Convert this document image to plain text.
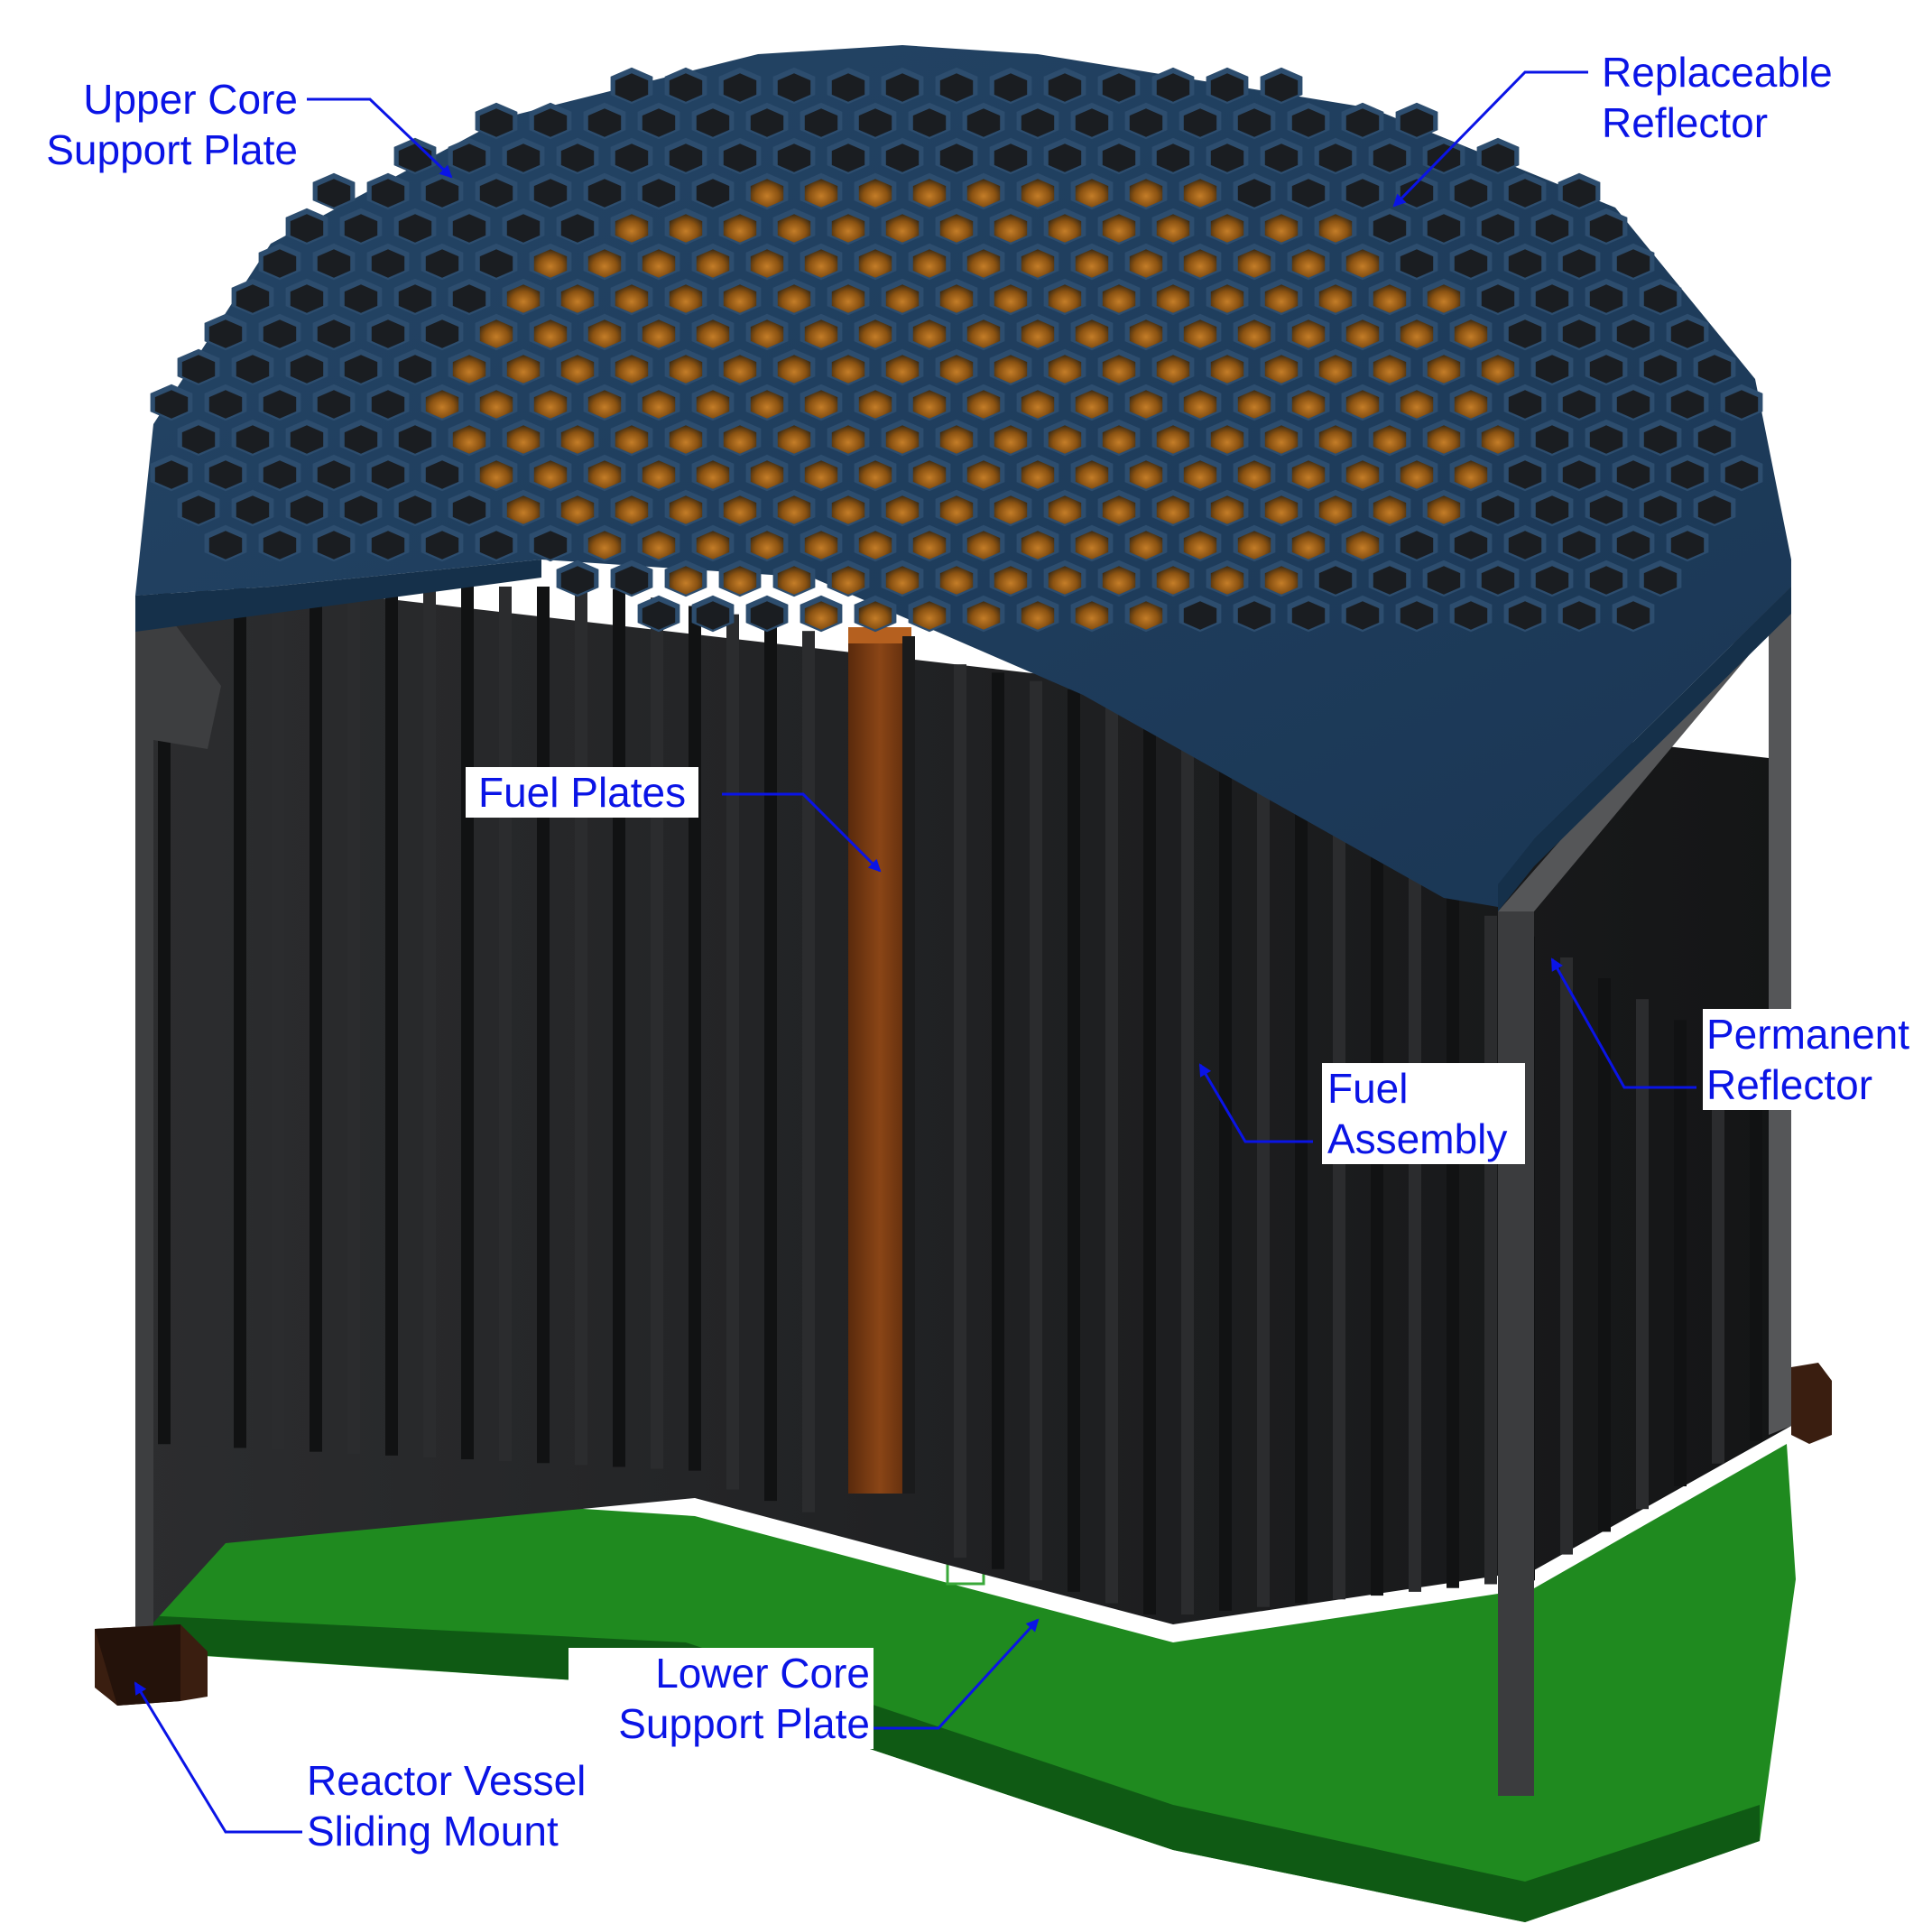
Upper Core
Support Plate
Replaceable
Reflector
Fuel Plates
Permanent
Reflector
Fuel
Assembly
Lower Core
Support Plate
Reactor Vessel
Sliding Mount
